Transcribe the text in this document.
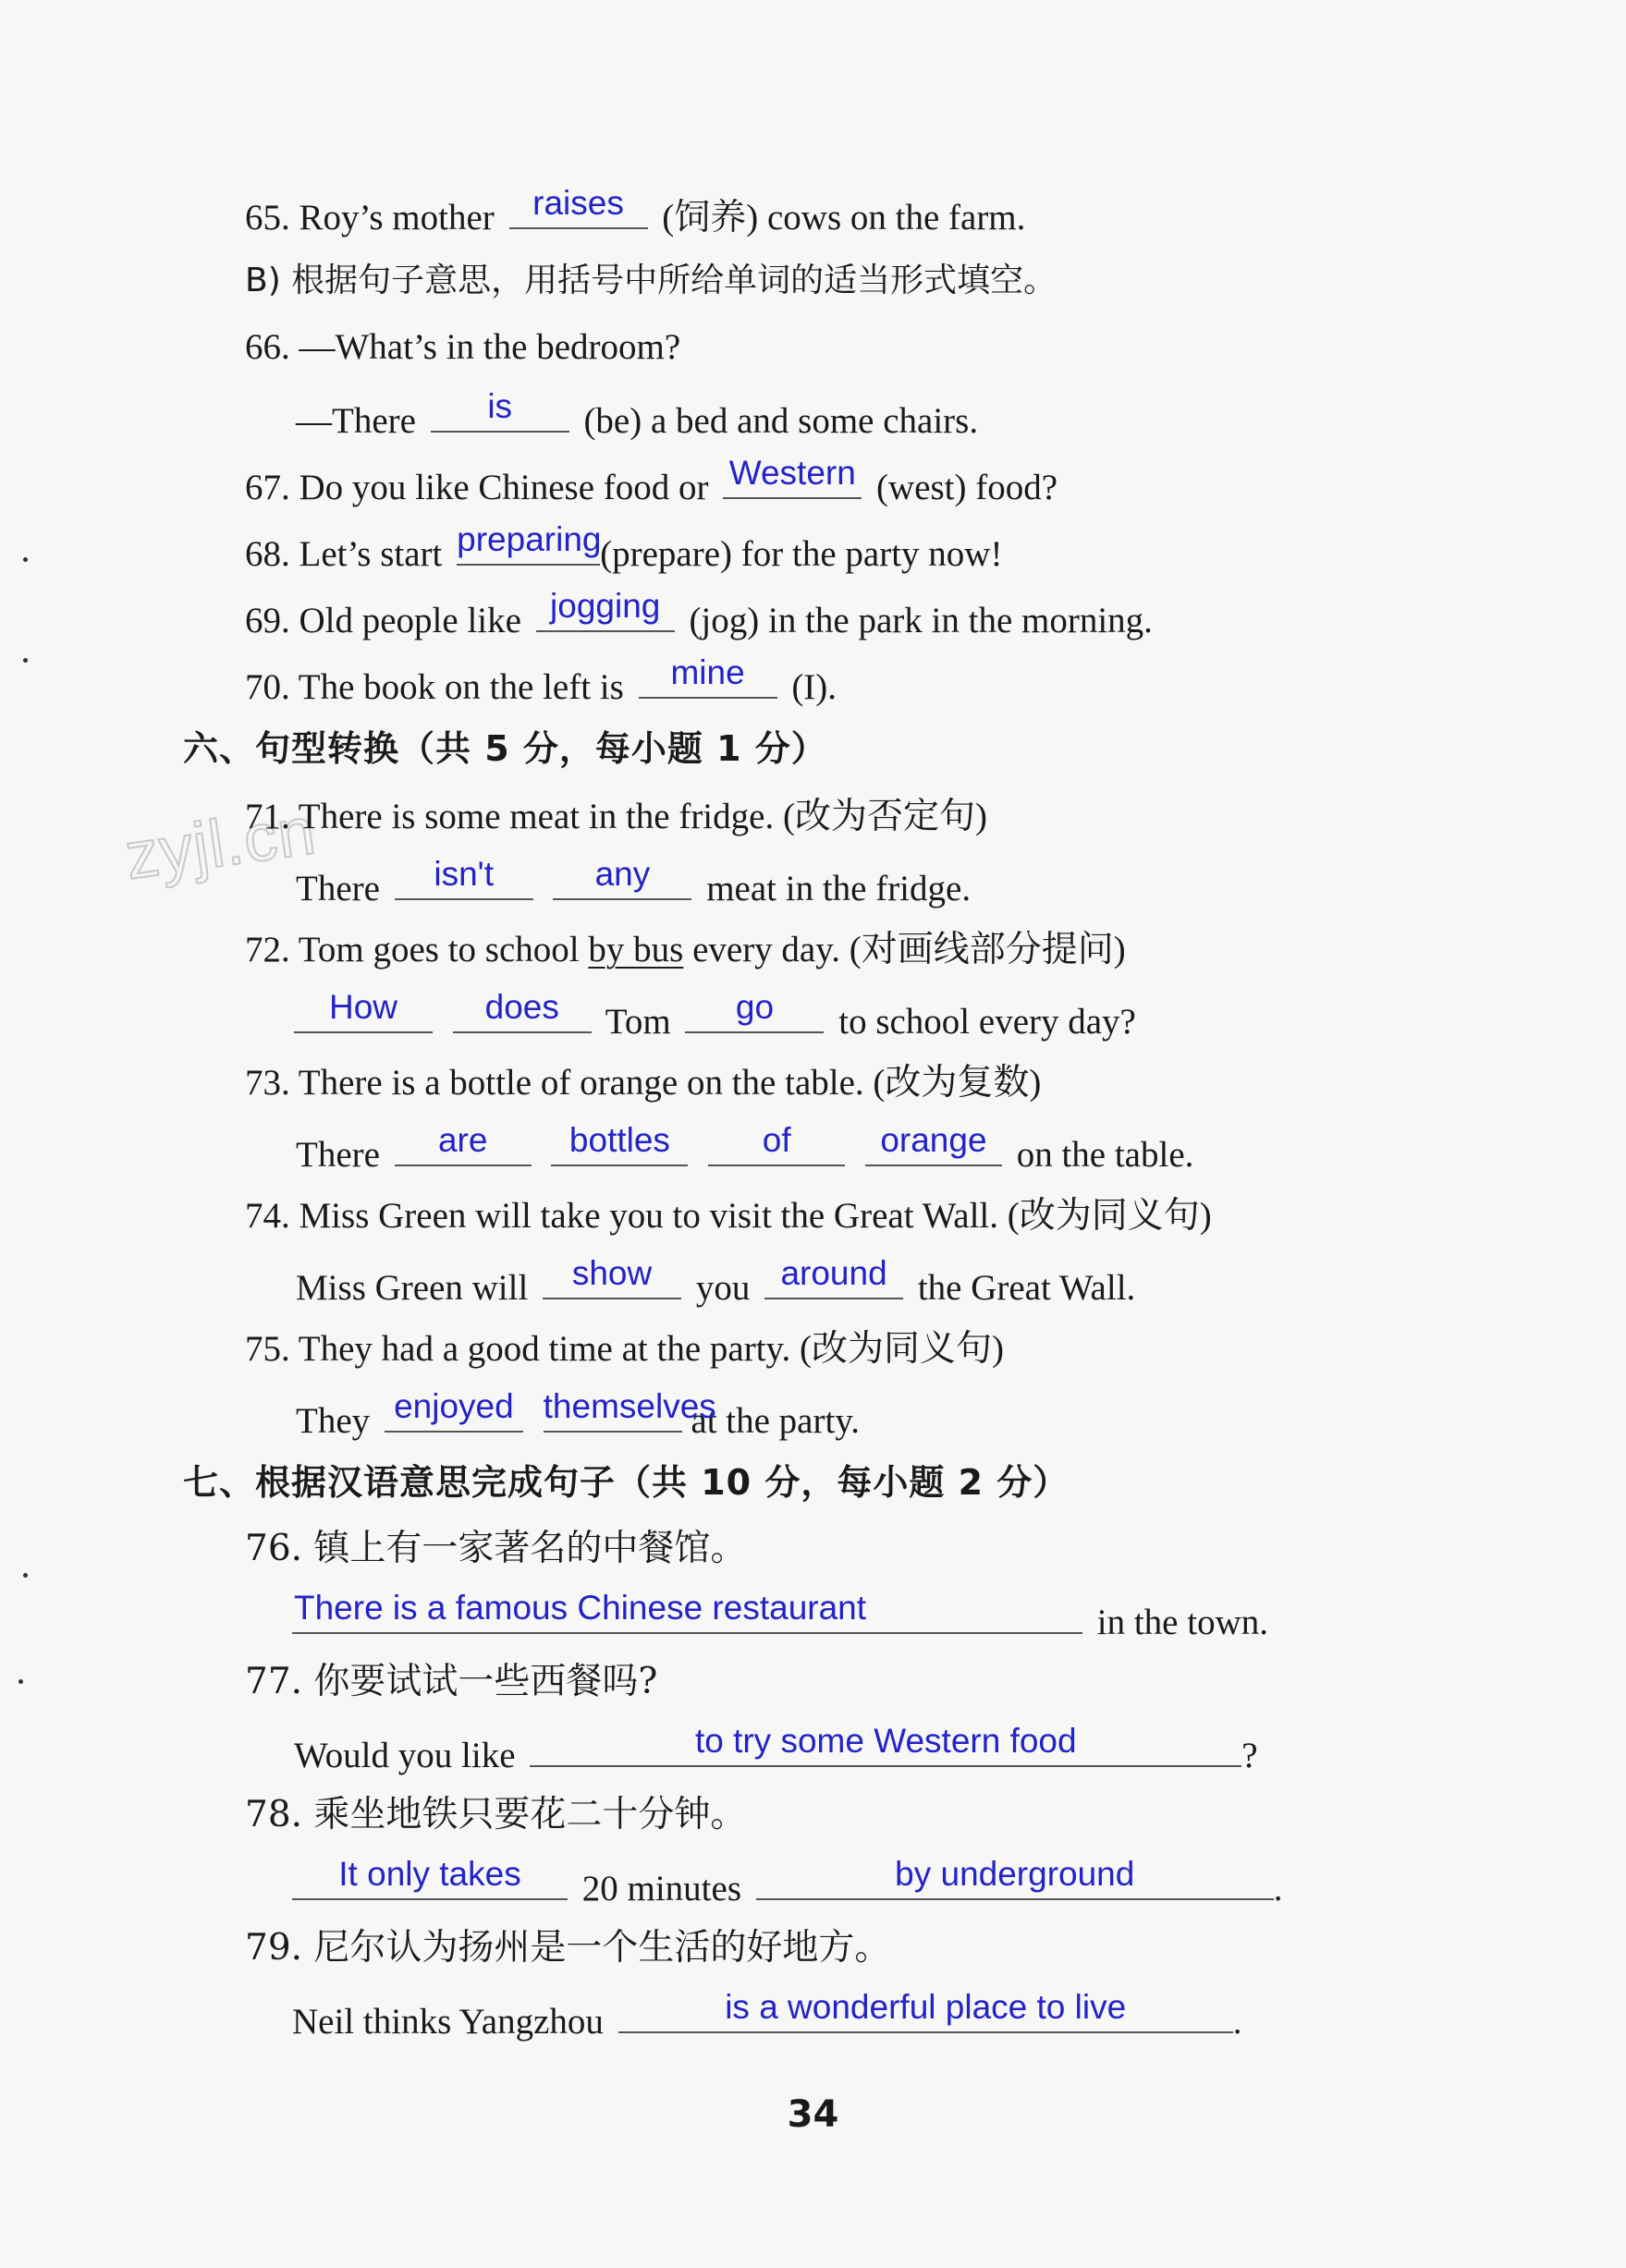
65. Roy’s mother	raises	(饲养) cows on the farm.
B) 根据句子意思，用括号中所给单词的适当形式填空。
66. —What’s in the bedroom?
—There	is	(be) a bed and some chairs.
67. Do you like Chinese food or Western (west) food?
68. Let’s start preparing
(prepare) for the party now!
69. Old people like jogging (jog) in the park in the morning.
70. The book on the left is	mine	(I).
六、句型转换（共 5 分，每小题 1 分）
zyjl.cn
71. There is some meat in the fridge. (改为否定句)
There	isn't
	any	meat in the fridge.
72. Tom goes to school by bus every day. (对画线部分提问)
How
	does	Tom	go	to school every day?
73. There is a bottle of orange on the table. (改为复数)
There	are
	bottles
	of
	orange on the table.
74. Miss Green will take you to visit the Great Wall. (改为同义句)
Miss Green will	show	you around the Great Wall.
75. They had a good time at the party. (改为同义句)
They enjoyed
themselves
at the party.
七、根据汉语意思完成句子（共 10 分，每小题 2 分）
76. 镇上有一家著名的中餐馆。
There is a famous Chinese restaurant	in the town.
77. 你要试试一些西餐吗?
Would you like	to try some Western food	?
78. 乘坐地铁只要花二十分钟。
It only takes	20 minutes	by underground	.
79. 尼尔认为扬州是一个生活的好地方。
Neil thinks Yangzhou	is a wonderful place to live	.
34
